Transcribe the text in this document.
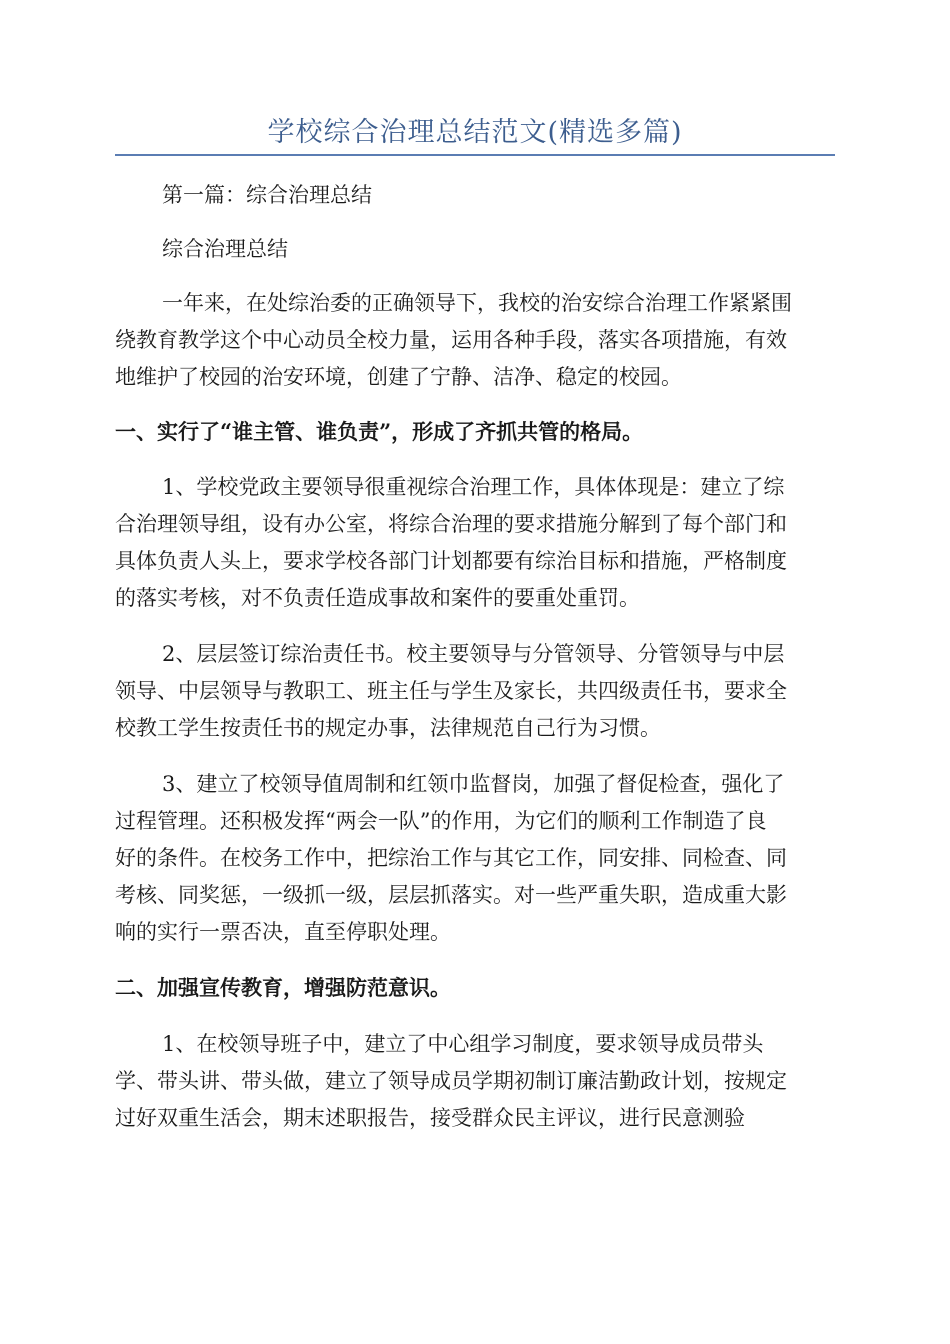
学校综合治理总结范文(精选多篇)
第一篇：综合治理总结
综合治理总结
一年来，在处综治委的正确领导下，我校的治安综合治理工作紧紧围
绕教育教学这个中心动员全校力量，运用各种手段，落实各项措施，有效
地维护了校园的治安环境，创建了宁静、洁净、稳定的校园。
一、实行了“谁主管、谁负责”，形成了齐抓共管的格局。
1、学校党政主要领导很重视综合治理工作，具体体现是：建立了综
合治理领导组，设有办公室，将综合治理的要求措施分解到了每个部门和
具体负责人头上，要求学校各部门计划都要有综治目标和措施，严格制度
的落实考核，对不负责任造成事故和案件的要重处重罚。
2、层层签订综治责任书。校主要领导与分管领导、分管领导与中层
领导、中层领导与教职工、班主任与学生及家长，共四级责任书，要求全
校教工学生按责任书的规定办事，法律规范自己行为习惯。
3、建立了校领导值周制和红领巾监督岗，加强了督促检查，强化了
过程管理。还积极发挥“两会一队”的作用，为它们的顺利工作制造了良
好的条件。在校务工作中，把综治工作与其它工作，同安排、同检查、同
考核、同奖惩，一级抓一级，层层抓落实。对一些严重失职，造成重大影
响的实行一票否决，直至停职处理。
二、加强宣传教育，增强防范意识。
1、在校领导班子中，建立了中心组学习制度，要求领导成员带头
学、带头讲、带头做，建立了领导成员学期初制订廉洁勤政计划，按规定
过好双重生活会，期末述职报告，接受群众民主评议，进行民意测验
